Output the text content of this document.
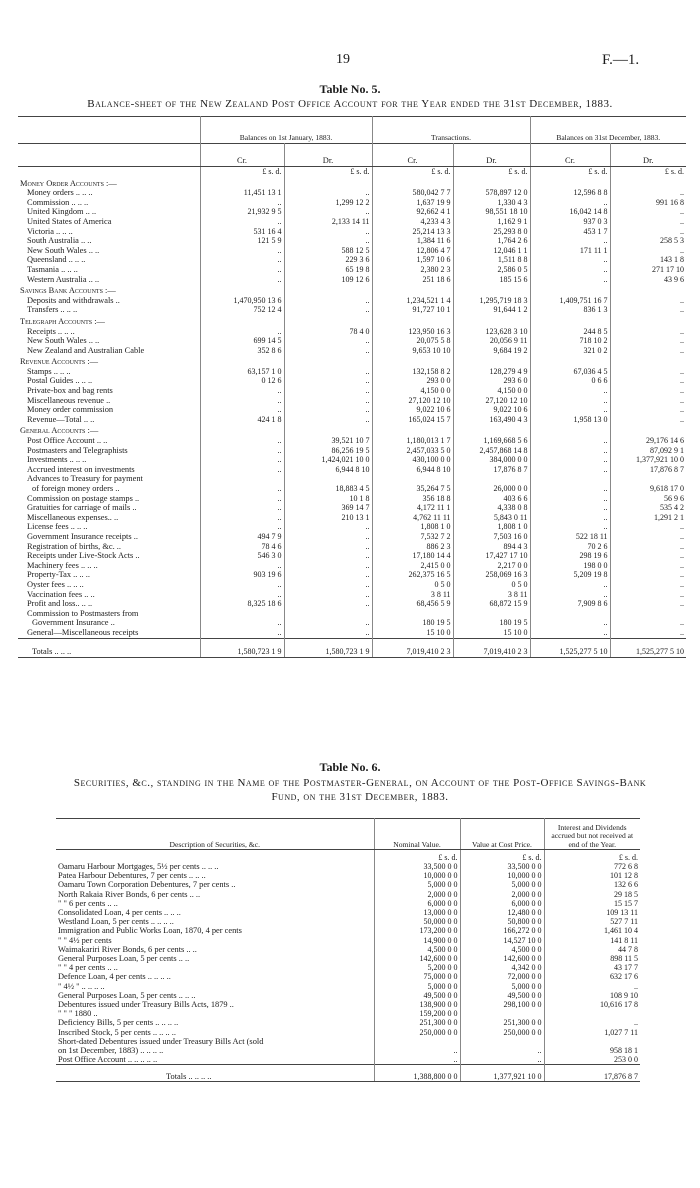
19	F.—1.
Table No. 5.
Balance-sheet of the New Zealand Post Office Account for the Year ended the 31st December, 1883.
	Balances on 1st January, 1883.		Transactions.		Balances on 31st December, 1883.	
	Cr.	Dr.	Cr.	Dr.	Cr.	Dr.
	£ s. d.	£ s. d.	£ s. d.	£ s. d.	£ s. d.	£ s. d.
Money Order Accounts :—						
Money orders .. .. ..	11,451 13 1	..	580,042 7 7	578,897 12 0	12,596 8 8	..
Commission .. .. ..	..	1,299 12 2	1,637 19 9	1,330 4 3	..	991 16 8
United Kingdom .. ..	21,932 9 5	..	92,662 4 1	98,551 18 10	16,042 14 8	..
United States of America	..	2,133 14 11	4,233 4 3	1,162 9 1	937 0 3	..
Victoria .. .. ..	531 16 4	..	25,214 13 3	25,293 8 0	453 1 7	..
South Australia .. ..	121 5 9	..	1,384 11 6	1,764 2 6	..	258 5 3
New South Wales .. ..	..	588 12 5	12,806 4 7	12,046 1 1	171 11 1	..
Queensland .. .. ..	..	229 3 6	1,597 10 6	1,511 8 8	..	143 1 8
Tasmania .. .. ..	..	65 19 8	2,380 2 3	2,586 0 5	..	271 17 10
Western Australia .. ..	..	109 12 6	251 18 6	185 15 6	..	43 9 6
Savings Bank Accounts :—						
Deposits and withdrawals ..	1,470,950 13 6	..	1,234,521 1 4	1,295,719 18 3	1,409,751 16 7	..
Transfers .. .. ..	752 12 4	..	91,727 10 1	91,644 1 2	836 1 3	..
Telegraph Accounts :—						
Receipts .. .. ..	..	78 4 0	123,950 16 3	123,628 3 10	244 8 5	..
New South Wales .. ..	699 14 5	..	20,075 5 8	20,056 9 11	718 10 2	..
New Zealand and Australian Cable	352 8 6	..	9,653 10 10	9,684 19 2	321 0 2	..
Revenue Accounts :—						
Stamps .. .. ..	63,157 1 0	..	132,158 8 2	128,279 4 9	67,036 4 5	..
Postal Guides .. .. ..	0 12 6	..	293 0 0	293 6 0	0 6 6	..
Private-box and bag rents	..	..	4,150 0 0	4,150 0 0	..	..
Miscellaneous revenue ..	..	..	27,120 12 10	27,120 12 10	..	..
Money order commission	..	..	9,022 10 6	9,022 10 6	..	..
Revenue—Total .. ..	424 1 8	..	165,024 15 7	163,490 4 3	1,958 13 0	..
General Accounts :—						
Post Office Account .. ..	..	39,521 10 7	1,180,013 1 7	1,169,668 5 6	..	29,176 14 6
Postmasters and Telegraphists	..	86,256 19 5	2,457,033 5 0	2,457,868 14 8	..	87,092 9 1
Investments .. .. ..	..	1,424,021 10 0	430,100 0 0	384,000 0 0	..	1,377,921 10 0
Accrued interest on investments	..	6,944 8 10	6,944 8 10	17,876 8 7	..	17,876 8 7
Advances to Treasury for payment						
of foreign money orders ..	..	18,883 4 5	35,264 7 5	26,000 0 0	..	9,618 17 0
Commission on postage stamps ..	..	10 1 8	356 18 8	403 6 6	..	56 9 6
Gratuities for carriage of mails ..	..	369 14 7	4,172 11 1	4,338 0 8	..	535 4 2
Miscellaneous expenses.. ..	..	210 13 1	4,762 11 11	5,843 0 11	..	1,291 2 1
License fees .. .. ..	..	..	1,808 1 0	1,808 1 0	..	..
Government Insurance receipts ..	494 7 9	..	7,532 7 2	7,503 16 0	522 18 11	..
Registration of births, &c. ..	78 4 6	..	886 2 3	894 4 3	70 2 6	..
Receipts under Live-Stock Acts ..	546 3 0	..	17,180 14 4	17,427 17 10	298 19 6	..
Machinery fees .. .. ..	..	..	2,415 0 0	2,217 0 0	198 0 0	..
Property-Tax .. .. ..	903 19 6	..	262,375 16 5	258,069 16 3	5,209 19 8	..
Oyster fees .. .. ..	..	..	0 5 0	0 5 0	..	..
Vaccination fees .. ..	..	..	3 8 11	3 8 11	..	..
Profit and loss.. .. ..	8,325 18 6	..	68,456 5 9	68,872 15 9	7,909 8 6	..
Commission to Postmasters from						
Government Insurance ..	..	..	180 19 5	180 19 5	..	..
General—Miscellaneous receipts	..	..	15 10 0	15 10 0	..	..
Totals .. .. ..	1,580,723 1 9	1,580,723 1 9	7,019,410 2 3	7,019,410 2 3	1,525,277 5 10	1,525,277 5 10
Table No. 6.
Securities, &c., standing in the Name of the Postmaster-General, on Account of the Post-Office Savings-Bank Fund, on the 31st December, 1883.
Description of Securities, &c.	Nominal Value.	Value at Cost Price.	Interest and Dividends accrued but not received at end of the Year.
	£ s. d.	£ s. d.	£ s. d.
Oamaru Harbour Mortgages, 5½ per cents .. .. ..	33,500 0 0	33,500 0 0	772 6 8
Patea Harbour Debentures, 7 per cents .. .. ..	10,000 0 0	10,000 0 0	101 12 8
Oamaru Town Corporation Debentures, 7 per cents ..	5,000 0 0	5,000 0 0	132 6 6
North Rakaia River Bonds, 6 per cents .. ..	2,000 0 0	2,000 0 0	29 18 5
" " 6 per cents .. ..	6,000 0 0	6,000 0 0	15 15 7
Consolidated Loan, 4 per cents .. .. ..	13,000 0 0	12,480 0 0	109 13 11
Westland Loan, 5 per cents .. .. .. ..	50,000 0 0	50,800 0 0	527 7 11
Immigration and Public Works Loan, 1870, 4 per cents	173,200 0 0	166,272 0 0	1,461 10 4
" " 4½ per cents	14,900 0 0	14,527 10 0	141 8 11
Waimakariri River Bonds, 6 per cents .. ..	4,500 0 0	4,500 0 0	44 7 8
General Purposes Loan, 5 per cents .. ..	142,600 0 0	142,600 0 0	898 11 5
" " 4 per cents .. ..	5,200 0 0	4,342 0 0	43 17 7
Defence Loan, 4 per cents .. .. .. ..	75,000 0 0	72,000 0 0	632 17 6
" 4½ " .. .. .. ..	5,000 0 0	5,000 0 0	..
General Purposes Loan, 5 per cents .. .. ..	49,500 0 0	49,500 0 0	108 9 10
Debentures issued under Treasury Bills Acts, 1879 ..	138,900 0 0	298,100 0 0	10,616 17 8
" " " 1880 ..	159,200 0 0		
Deficiency Bills, 5 per cents .. .. .. ..	251,300 0 0	251,300 0 0	..
Inscribed Stock, 5 per cents .. .. .. ..	250,000 0 0	250,000 0 0	1,027 7 11
Short-dated Debentures issued under Treasury Bills Act (sold			
on 1st December, 1883) .. .. .. ..	..	..	958 18 1
Post Office Account .. .. .. .. ..	..	..	253 0 0
Totals .. .. .. ..	1,388,800 0 0	1,377,921 10 0	17,876 8 7
